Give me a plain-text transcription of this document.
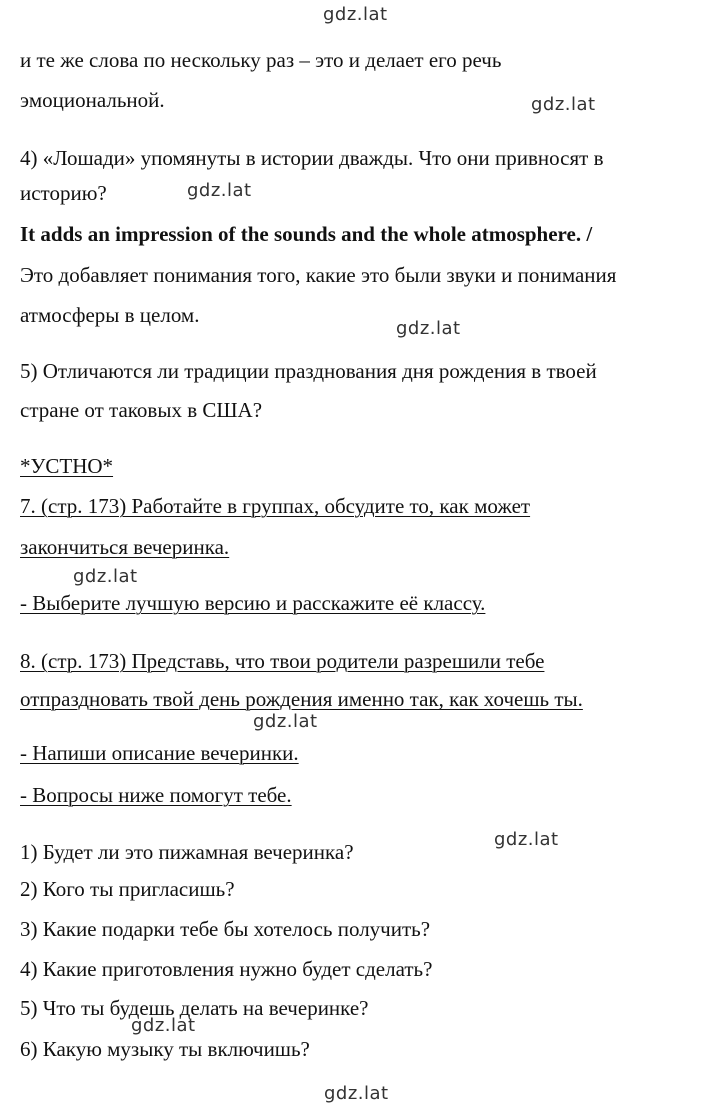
gdz.lat
и те же слова по нескольку раз – это и делает его речь
эмоциональной.	gdz.lat
4) «Лошади» упомянуты в истории дважды. Что они привносят в
историю?	gdz.lat
It adds an impression of the sounds and the whole atmosphere. /
Это добавляет понимания того, какие это были звуки и понимания
атмосферы в целом.
gdz.lat
5) Отличаются ли традиции празднования дня рождения в твоей
стране от таковых в США?
*УСТНО*
7. (стр. 173) Работайте в группах, обсудите то, как может
закончиться вечеринка.
gdz.lat
- Выберите лучшую версию и расскажите её классу.
8. (стр. 173) Представь, что твои родители разрешили тебе
отпраздновать твой день рождения именно так, как хочешь ты.
gdz.lat
- Напиши описание вечеринки.
- Вопросы ниже помогут тебе.
gdz.lat
1) Будет ли это пижамная вечеринка?
2) Кого ты пригласишь?
3) Какие подарки тебе бы хотелось получить?
4) Какие приготовления нужно будет сделать?
5) Что ты будешь делать на вечеринке?
gdz.lat
6) Какую музыку ты включишь?
gdz.lat
